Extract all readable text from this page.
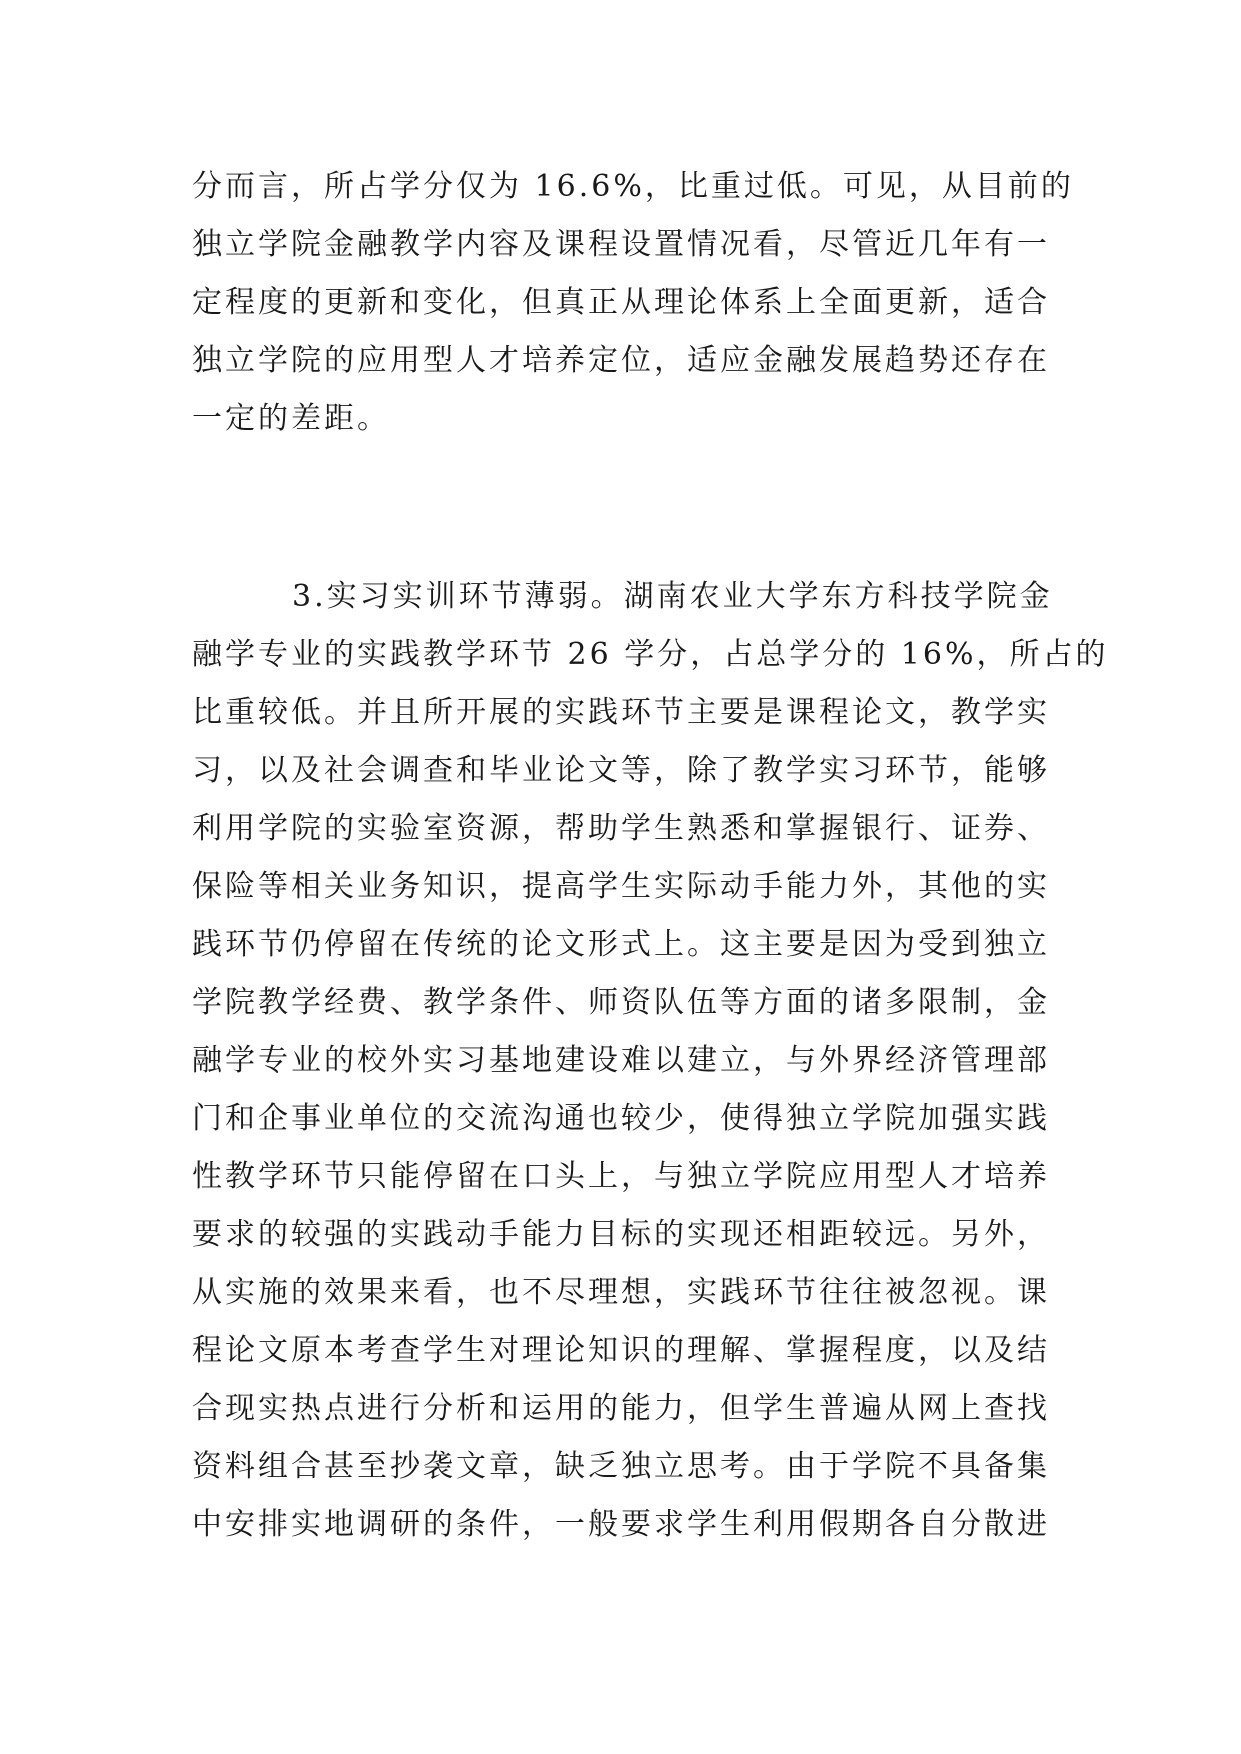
分而言，所占学分仅为 16.6%，比重过低。可见，从目前的
独立学院金融教学内容及课程设置情况看，尽管近几年有一
定程度的更新和变化，但真正从理论体系上全面更新，适合
独立学院的应用型人才培养定位，适应金融发展趋势还存在
一定的差距。
3.实习实训环节薄弱。湖南农业大学东方科技学院金
融学专业的实践教学环节 26 学分，占总学分的 16%，所占的
比重较低。并且所开展的实践环节主要是课程论文，教学实
习，以及社会调查和毕业论文等，除了教学实习环节，能够
利用学院的实验室资源，帮助学生熟悉和掌握银行、证券、
保险等相关业务知识，提高学生实际动手能力外，其他的实
践环节仍停留在传统的论文形式上。这主要是因为受到独立
学院教学经费、教学条件、师资队伍等方面的诸多限制，金
融学专业的校外实习基地建设难以建立，与外界经济管理部
门和企事业单位的交流沟通也较少，使得独立学院加强实践
性教学环节只能停留在口头上，与独立学院应用型人才培养
要求的较强的实践动手能力目标的实现还相距较远。另外，
从实施的效果来看，也不尽理想，实践环节往往被忽视。课
程论文原本考查学生对理论知识的理解、掌握程度，以及结
合现实热点进行分析和运用的能力，但学生普遍从网上查找
资料组合甚至抄袭文章，缺乏独立思考。由于学院不具备集
中安排实地调研的条件，一般要求学生利用假期各自分散进
